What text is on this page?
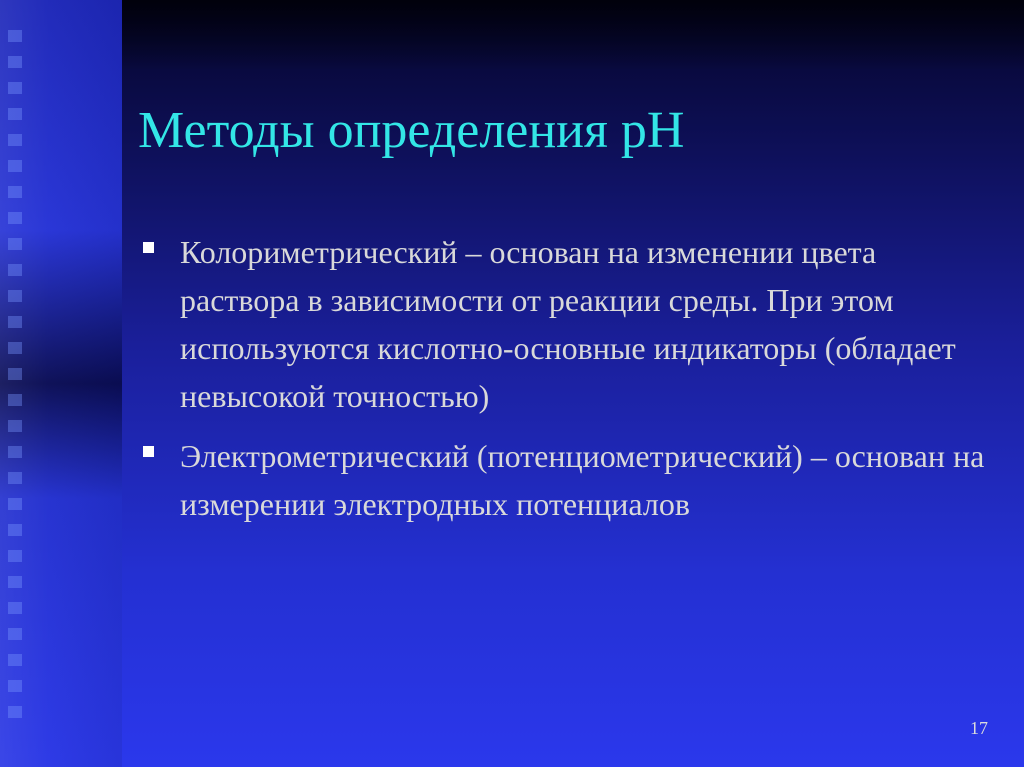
Методы определения рН
Колориметрический – основан на изменении цвета раствора в зависимости от реакции среды. При этом используются кислотно-основные индикаторы (обладает невысокой точностью)
Электрометрический (потенциометрический) – основан на измерении электродных потенциалов
17
